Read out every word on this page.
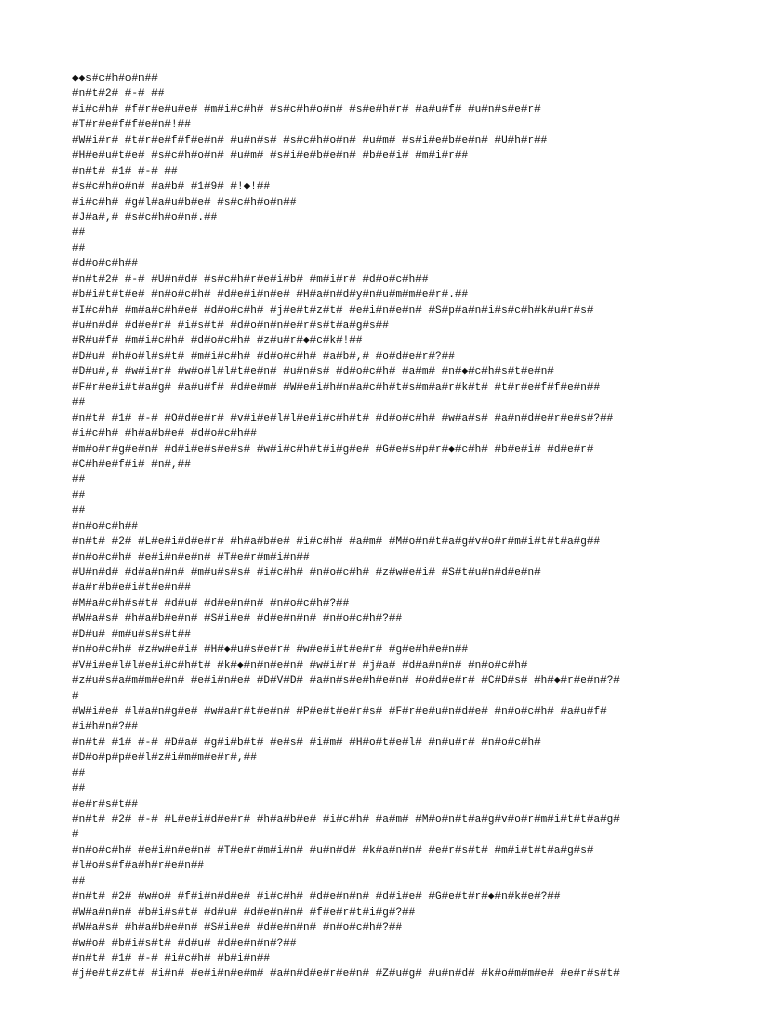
◆◆s#c#h#o#n##
#n#t#2# #-# ##
#i#c#h# #f#r#e#u#e# #m#i#c#h# #s#c#h#o#n# #s#e#h#r# #a#u#f# #u#n#s#e#r#
#T#r#e#f#f#e#n#!##
#W#i#r# #t#r#e#f#f#e#n# #u#n#s# #s#c#h#o#n# #u#m# #s#i#e#b#e#n# #U#h#r##
#H#e#u#t#e# #s#c#h#o#n# #u#m# #s#i#e#b#e#n# #b#e#i# #m#i#r##
#n#t# #1# #-# ##
#s#c#h#o#n# #a#b# #1#9# #!◆!##
#i#c#h# #g#l#a#u#b#e# #s#c#h#o#n##
#J#a#,# #s#c#h#o#n#.##
##
##
#d#o#c#h##
#n#t#2# #-# #U#n#d# #s#c#h#r#e#i#b# #m#i#r# #d#o#c#h##
#b#i#t#t#e# #n#o#c#h# #d#e#i#n#e# #H#a#n#d#y#n#u#m#m#e#r#.##
#I#c#h# #m#a#c#h#e# #d#o#c#h# #j#e#t#z#t# #e#i#n#e#n# #S#p#a#n#i#s#c#h#k#u#r#s#
#u#n#d# #d#e#r# #i#s#t# #d#o#n#n#e#r#s#t#a#g#s##
#R#u#f# #m#i#c#h# #d#o#c#h# #z#u#r#◆#c#k#!##
#D#u# #h#o#l#s#t# #m#i#c#h# #d#o#c#h# #a#b#,# #o#d#e#r#?##
#D#u#,# #w#i#r# #w#o#l#l#t#e#n# #u#n#s# #d#o#c#h# #a#m# #n#◆#c#h#s#t#e#n#
#F#r#e#i#t#a#g# #a#u#f# #d#e#m# #W#e#i#h#n#a#c#h#t#s#m#a#r#k#t# #t#r#e#f#f#e#n##
##
#n#t# #1# #-# #O#d#e#r# #v#i#e#l#l#e#i#c#h#t# #d#o#c#h# #w#a#s# #a#n#d#e#r#e#s#?##
#i#c#h# #h#a#b#e# #d#o#c#h##
#m#o#r#g#e#n# #d#i#e#s#e#s# #w#i#c#h#t#i#g#e# #G#e#s#p#r#◆#c#h# #b#e#i# #d#e#r#
#C#h#e#f#i# #n#,##
##
##
##
#n#o#c#h##
#n#t# #2# #L#e#i#d#e#r# #h#a#b#e# #i#c#h# #a#m# #M#o#n#t#a#g#v#o#r#m#i#t#t#a#g##
#n#o#c#h# #e#i#n#e#n# #T#e#r#m#i#n##
#U#n#d# #d#a#n#n# #m#u#s#s# #i#c#h# #n#o#c#h# #z#w#e#i# #S#t#u#n#d#e#n#
#a#r#b#e#i#t#e#n##
#M#a#c#h#s#t# #d#u# #d#e#n#n# #n#o#c#h#?##
#W#a#s# #h#a#b#e#n# #S#i#e# #d#e#n#n# #n#o#c#h#?##
#D#u# #m#u#s#s#t##
#n#o#c#h# #z#w#e#i# #H#◆#u#s#e#r# #w#e#i#t#e#r# #g#e#h#e#n##
#V#i#e#l#l#e#i#c#h#t# #k#◆#n#n#e#n# #w#i#r# #j#a# #d#a#n#n# #n#o#c#h#
#z#u#s#a#m#m#e#n# #e#i#n#e# #D#V#D# #a#n#s#e#h#e#n# #o#d#e#r# #C#D#s# #h#◆#r#e#n#?#
#
#W#i#e# #l#a#n#g#e# #w#a#r#t#e#n# #P#e#t#e#r#s# #F#r#e#u#n#d#e# #n#o#c#h# #a#u#f#
#i#h#n#?##
#n#t# #1# #-# #D#a# #g#i#b#t# #e#s# #i#m# #H#o#t#e#l# #n#u#r# #n#o#c#h#
#D#o#p#p#e#l#z#i#m#m#e#r#,##
##
##
#e#r#s#t##
#n#t# #2# #-# #L#e#i#d#e#r# #h#a#b#e# #i#c#h# #a#m# #M#o#n#t#a#g#v#o#r#m#i#t#t#a#g#
#
#n#o#c#h# #e#i#n#e#n# #T#e#r#m#i#n# #u#n#d# #k#a#n#n# #e#r#s#t# #m#i#t#t#a#g#s#
#l#o#s#f#a#h#r#e#n##
##
#n#t# #2# #w#o# #f#i#n#d#e# #i#c#h# #d#e#n#n# #d#i#e# #G#e#t#r#◆#n#k#e#?##
#W#a#n#n# #b#i#s#t# #d#u# #d#e#n#n# #f#e#r#t#i#g#?##
#W#a#s# #h#a#b#e#n# #S#i#e# #d#e#n#n# #n#o#c#h#?##
#w#o# #b#i#s#t# #d#u# #d#e#n#n#?##
#n#t# #1# #-# #i#c#h# #b#i#n##
#j#e#t#z#t# #i#n# #e#i#n#e#m# #a#n#d#e#r#e#n# #Z#u#g# #u#n#d# #k#o#m#m#e# #e#r#s#t#
